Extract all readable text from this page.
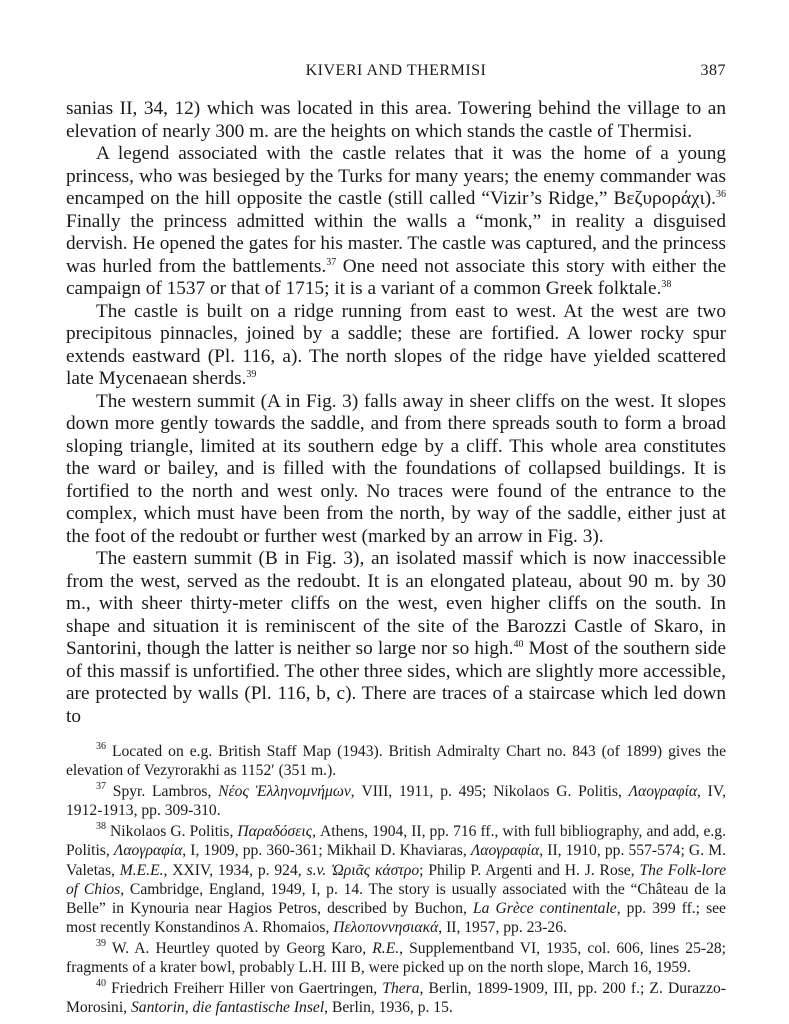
KIVERI AND THERMISI	387

sanias II, 34, 12) which was located in this area. Towering behind the village to an elevation of nearly 300 m. are the heights on which stands the castle of Thermisi.

A legend associated with the castle relates that it was the home of a young princess, who was besieged by the Turks for many years; the enemy commander was encamped on the hill opposite the castle (still called “Vizir’s Ridge,” Βεζυροράχι).$^{36}$ Finally the princess admitted within the walls a “monk,” in reality a disguised dervish. He opened the gates for his master. The castle was captured, and the princess was hurled from the battlements.$^{37}$ One need not associate this story with either the campaign of 1537 or that of 1715; it is a variant of a common Greek folktale.$^{38}$

The castle is built on a ridge running from east to west. At the west are two precipitous pinnacles, joined by a saddle; these are fortified. A lower rocky spur extends eastward (Pl. 116, a). The north slopes of the ridge have yielded scattered late Mycenaean sherds.$^{39}$

The western summit (A in Fig. 3) falls away in sheer cliffs on the west. It slopes down more gently towards the saddle, and from there spreads south to form a broad sloping triangle, limited at its southern edge by a cliff. This whole area constitutes the ward or bailey, and is filled with the foundations of collapsed buildings. It is fortified to the north and west only. No traces were found of the entrance to the complex, which must have been from the north, by way of the saddle, either just at the foot of the redoubt or further west (marked by an arrow in Fig. 3).

The eastern summit (B in Fig. 3), an isolated massif which is now inaccessible from the west, served as the redoubt. It is an elongated plateau, about 90 m. by 30 m., with sheer thirty-meter cliffs on the west, even higher cliffs on the south. In shape and situation it is reminiscent of the site of the Barozzi Castle of Skaro, in Santorini, though the latter is neither so large nor so high.$^{40}$ Most of the southern side of this massif is unfortified. The other three sides, which are slightly more accessible, are protected by walls (Pl. 116, b, c). There are traces of a staircase which led down to

$^{36}$ Located on e.g. British Staff Map (1943). British Admiralty Chart no. 843 (of 1899) gives the elevation of Vezyrorakhi as 1152′ (351 m.).

$^{37}$ Spyr. Lambros, Νέος Ἑλληνομνήμων, VIII, 1911, p. 495; Nikolaos G. Politis, Λαογραφία, IV, 1912-1913, pp. 309-310.

$^{38}$ Nikolaos G. Politis, Παραδόσεις, Athens, 1904, II, pp. 716 ff., with full bibliography, and add, e.g. Politis, Λαογραφία, I, 1909, pp. 360-361; Mikhail D. Khaviaras, Λαογραφία, II, 1910, pp. 557-574; G. M. Valetas, M.E.E., XXIV, 1934, p. 924, s.v. Ὡριᾶς κάστρο; Philip P. Argenti and H. J. Rose, The Folk-lore of Chios, Cambridge, England, 1949, I, p. 14. The story is usually associated with the “Château de la Belle” in Kynouria near Hagios Petros, described by Buchon, La Grèce continentale, pp. 399 ff.; see most recently Konstandinos A. Rhomaios, Πελοποννησιακά, II, 1957, pp. 23-26.

$^{39}$ W. A. Heurtley quoted by Georg Karo, R.E., Supplementband VI, 1935, col. 606, lines 25-28; fragments of a krater bowl, probably L.H. III B, were picked up on the north slope, March 16, 1959.

$^{40}$ Friedrich Freiherr Hiller von Gaertringen, Thera, Berlin, 1899-1909, III, pp. 200 f.; Z. Durazzo-Morosini, Santorin, die fantastische Insel, Berlin, 1936, p. 15.
